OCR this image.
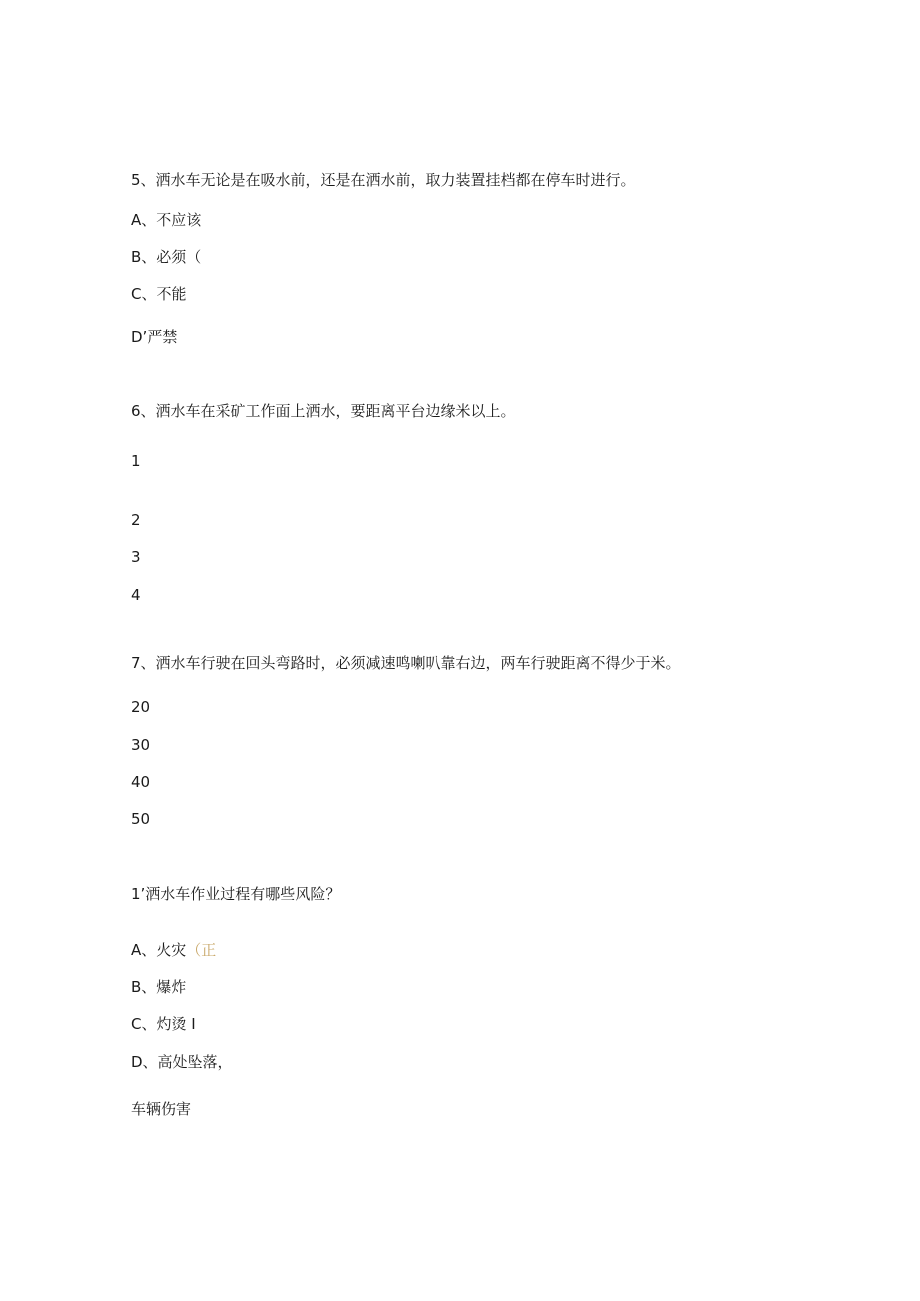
5、洒水车无论是在吸水前，还是在洒水前，取力装置挂档都在停车时进行。
A、不应该
B、必须（
C、不能
D’严禁
6、洒水车在采矿工作面上洒水，要距离平台边缘米以上。
1
2
3
4
7、洒水车行驶在回头弯路时，必须减速鸣喇叭靠右边，两车行驶距离不得少于米。
20
30
40
50
1’洒水车作业过程有哪些风险？
A、火灾（正
B、爆炸
C、灼烫 I
D、高处坠落，
车辆伤害
